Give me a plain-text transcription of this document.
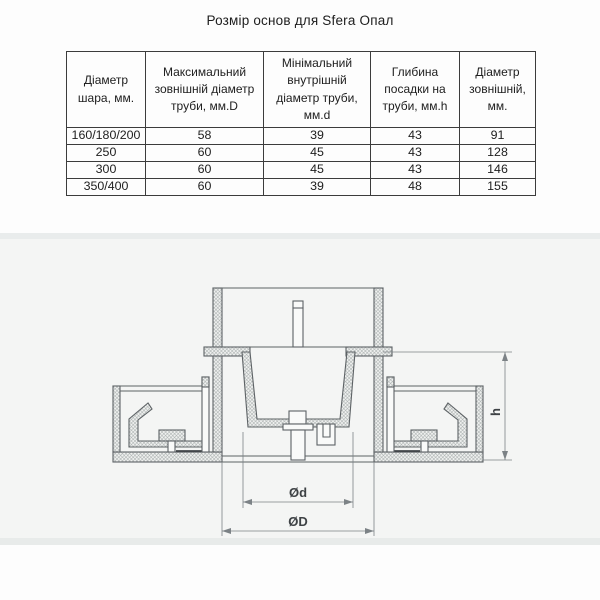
Розмір основ для Sfera Опал
Діаметр шара, мм.	Максимальний зовнішній діаметр труби, мм.D	Мінімальний внутрішній діаметр труби, мм.d	Глибина посадки на труби, мм.h	Діаметр зовнішній, мм.
160/180/200	58	39	43	91
250	60	45	43	128
300	60	45	43	146
350/400	60	39	48	155
h
Ød
ØD
